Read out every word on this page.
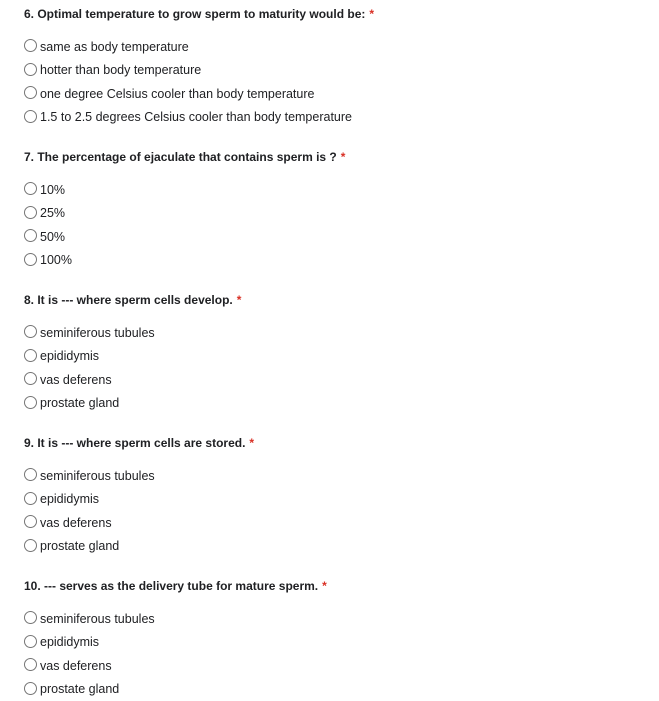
6. Optimal temperature to grow sperm to maturity would be: *
same as body temperature
hotter than body temperature
one degree Celsius cooler than body temperature
1.5 to 2.5 degrees Celsius cooler than body temperature
7. The percentage of ejaculate that contains sperm is ? *
10%
25%
50%
100%
8. It is --- where sperm cells develop. *
seminiferous tubules
epididymis
vas deferens
prostate gland
9. It is --- where sperm cells are stored. *
seminiferous tubules
epididymis
vas deferens
prostate gland
10. --- serves as the delivery tube for mature sperm. *
seminiferous tubules
epididymis
vas deferens
prostate gland
